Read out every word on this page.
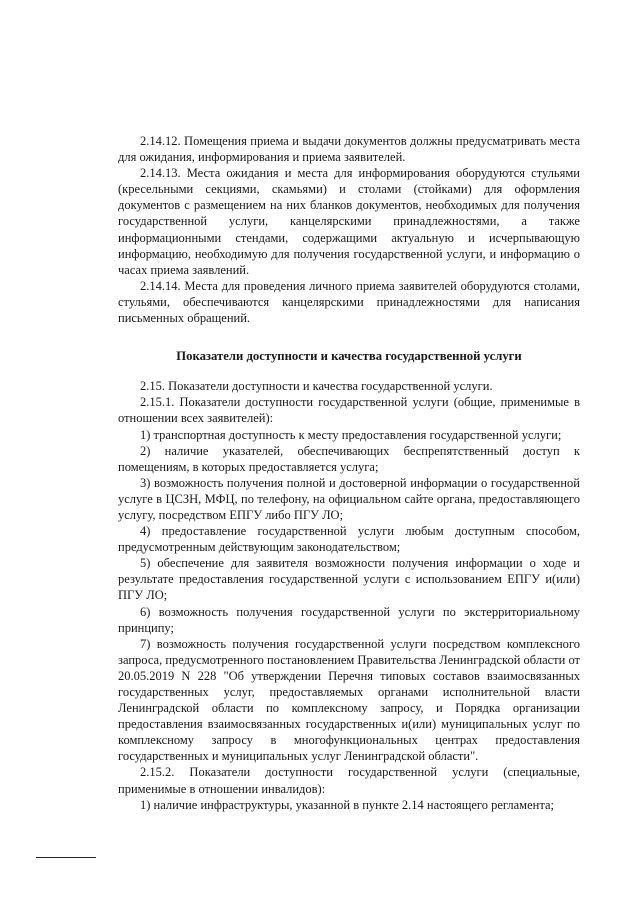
2.14.12. Помещения приема и выдачи документов должны предусматривать места для ожидания, информирования и приема заявителей.

2.14.13. Места ожидания и места для информирования оборудуются стульями (кресельными секциями, скамьями) и столами (стойками) для оформления документов с размещением на них бланков документов, необходимых для получения государственной услуги, канцелярскими принадлежностями, а также информационными стендами, содержащими актуальную и исчерпывающую информацию, необходимую для получения государственной услуги, и информацию о часах приема заявлений.

2.14.14. Места для проведения личного приема заявителей оборудуются столами, стульями, обеспечиваются канцелярскими принадлежностями для написания письменных обращений.

Показатели доступности и качества государственной услуги

2.15. Показатели доступности и качества государственной услуги.

2.15.1. Показатели доступности государственной услуги (общие, применимые в отношении всех заявителей):

1) транспортная доступность к месту предоставления государственной услуги;

2) наличие указателей, обеспечивающих беспрепятственный доступ к помещениям, в которых предоставляется услуга;

3) возможность получения полной и достоверной информации о государственной услуге в ЦСЗН, МФЦ, по телефону, на официальном сайте органа, предоставляющего услугу, посредством ЕПГУ либо ПГУ ЛО;

4) предоставление государственной услуги любым доступным способом, предусмотренным действующим законодательством;

5) обеспечение для заявителя возможности получения информации о ходе и результате предоставления государственной услуги с использованием ЕПГУ и(или) ПГУ ЛО;

6) возможность получения государственной услуги по экстерриториальному принципу;

7) возможность получения государственной услуги посредством комплексного запроса, предусмотренного постановлением Правительства Ленинградской области от 20.05.2019 N 228 "Об утверждении Перечня типовых составов взаимосвязанных государственных услуг, предоставляемых органами исполнительной власти Ленинградской области по комплексному запросу, и Порядка организации предоставления взаимосвязанных государственных и(или) муниципальных услуг по комплексному запросу в многофункциональных центрах предоставления государственных и муниципальных услуг Ленинградской области".

2.15.2. Показатели доступности государственной услуги (специальные, применимые в отношении инвалидов):

1) наличие инфраструктуры, указанной в пункте 2.14 настоящего регламента;
